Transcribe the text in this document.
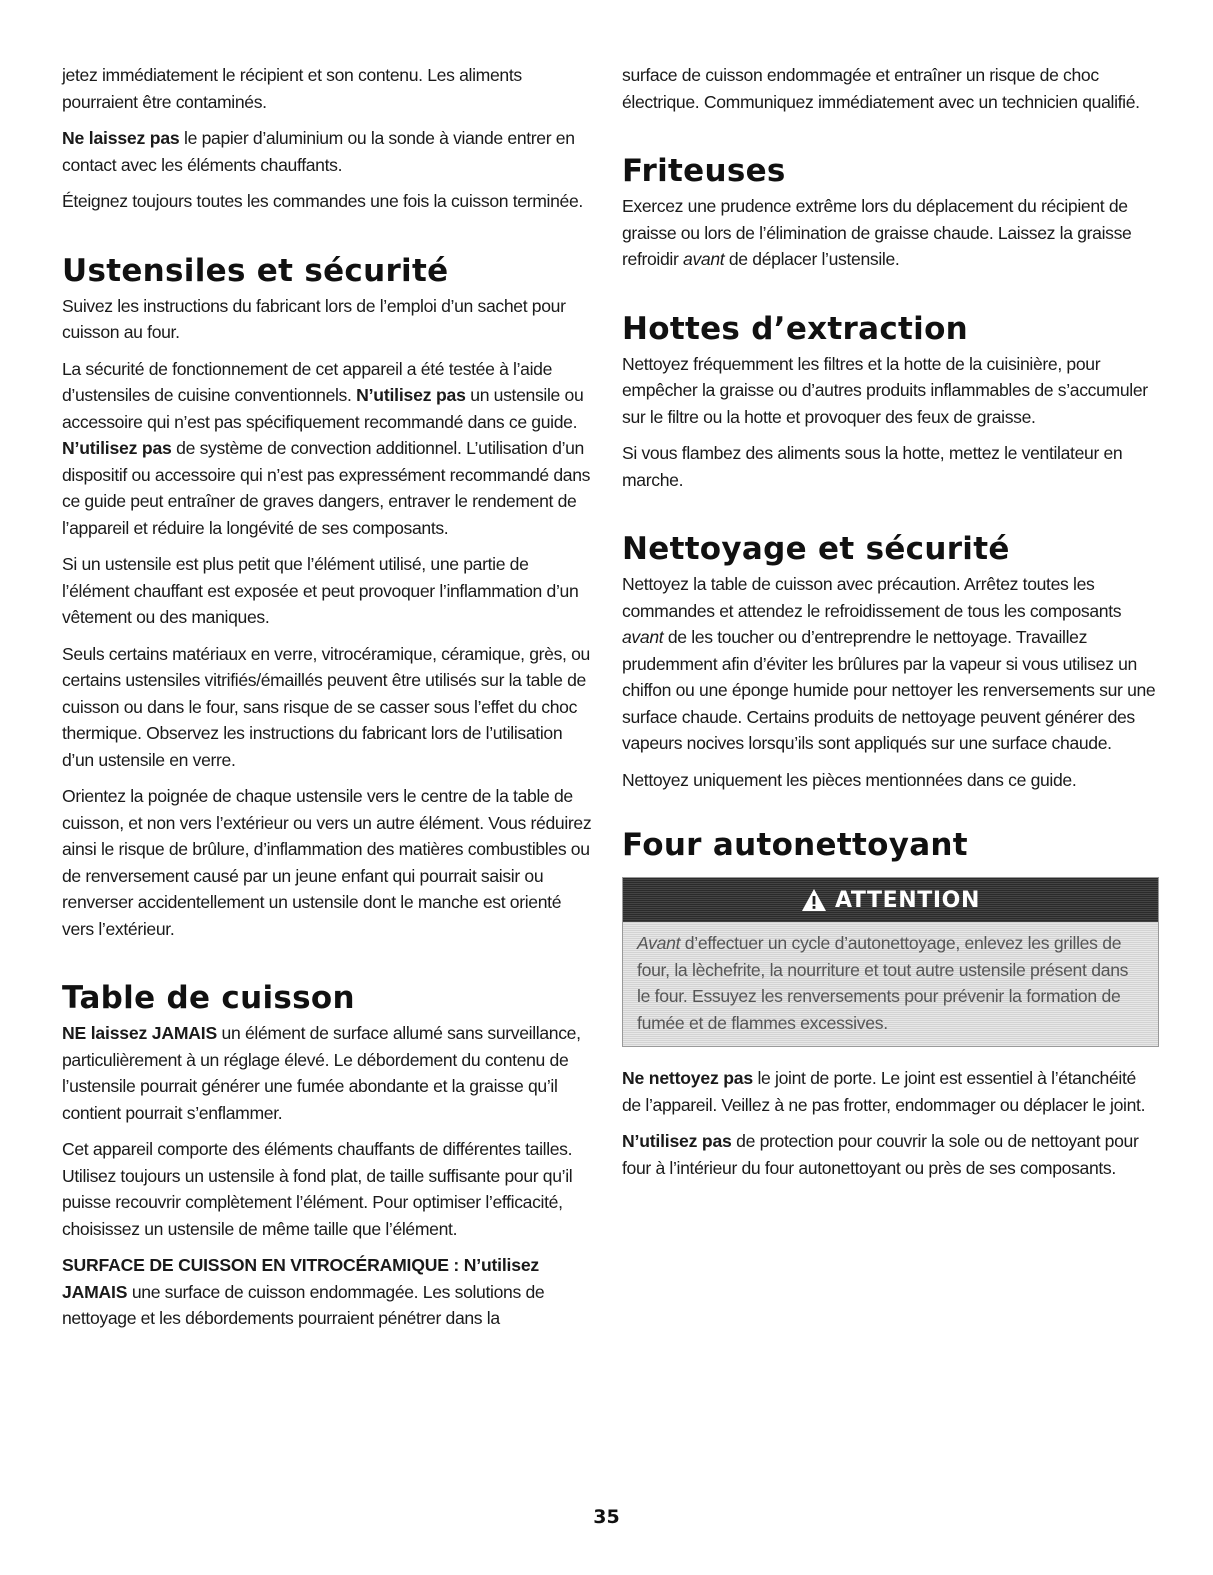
jetez immédiatement le récipient et son contenu. Les aliments pourraient être contaminés.

Ne laissez pas le papier d’aluminium ou la sonde à viande entrer en contact avec les éléments chauffants.

Éteignez toujours toutes les commandes une fois la cuisson terminée.

Ustensiles et sécurité

Suivez les instructions du fabricant lors de l’emploi d’un sachet pour cuisson au four.

La sécurité de fonctionnement de cet appareil a été testée à l’aide d’ustensiles de cuisine conventionnels. N’utilisez pas un ustensile ou accessoire qui n’est pas spécifiquement recommandé dans ce guide. N’utilisez pas de système de convection additionnel. L’utilisation d’un dispositif ou accessoire qui n’est pas expressément recommandé dans ce guide peut entraîner de graves dangers, entraver le rendement de l’appareil et réduire la longévité de ses composants.

Si un ustensile est plus petit que l’élément utilisé, une partie de l’élément chauffant est exposée et peut provoquer l’inflammation d’un vêtement ou des maniques.

Seuls certains matériaux en verre, vitrocéramique, céramique, grès, ou certains ustensiles vitrifiés/émaillés peuvent être utilisés sur la table de cuisson ou dans le four, sans risque de se casser sous l’effet du choc thermique. Observez les instructions du fabricant lors de l’utilisation d’un ustensile en verre.

Orientez la poignée de chaque ustensile vers le centre de la table de cuisson, et non vers l’extérieur ou vers un autre élément. Vous réduirez ainsi le risque de brûlure, d’inflammation des matières combustibles ou de renversement causé par un jeune enfant qui pourrait saisir ou renverser accidentellement un ustensile dont le manche est orienté vers l’extérieur.

Table de cuisson

NE laissez JAMAIS un élément de surface allumé sans surveillance, particulièrement à un réglage élevé. Le débordement du contenu de l’ustensile pourrait générer une fumée abondante et la graisse qu’il contient pourrait s’enflammer.

Cet appareil comporte des éléments chauffants de différentes tailles. Utilisez toujours un ustensile à fond plat, de taille suffisante pour qu’il puisse recouvrir complètement l’élément. Pour optimiser l’efficacité, choisissez un ustensile de même taille que l’élément.

SURFACE DE CUISSON EN VITROCÉRAMIQUE : N’utilisez JAMAIS une surface de cuisson endommagée. Les solutions de nettoyage et les débordements pourraient pénétrer dans la

surface de cuisson endommagée et entraîner un risque de choc électrique. Communiquez immédiatement avec un technicien qualifié.

Friteuses

Exercez une prudence extrême lors du déplacement du récipient de graisse ou lors de l’élimination de graisse chaude. Laissez la graisse refroidir avant de déplacer l’ustensile.

Hottes d’extraction

Nettoyez fréquemment les filtres et la hotte de la cuisinière, pour empêcher la graisse ou d’autres produits inflammables de s’accumuler sur le filtre ou la hotte et provoquer des feux de graisse.

Si vous flambez des aliments sous la hotte, mettez le ventilateur en marche.

Nettoyage et sécurité

Nettoyez la table de cuisson avec précaution. Arrêtez toutes les commandes et attendez le refroidissement de tous les composants avant de les toucher ou d’entreprendre le nettoyage. Travaillez prudemment afin d’éviter les brûlures par la vapeur si vous utilisez un chiffon ou une éponge humide pour nettoyer les renversements sur une surface chaude. Certains produits de nettoyage peuvent générer des vapeurs nocives lorsqu’ils sont appliqués sur une surface chaude.

Nettoyez uniquement les pièces mentionnées dans ce guide.

Four autonettoyant
ATTENTION
Avant d’effectuer un cycle d’autonettoyage, enlevez les grilles de four, la lèchefrite, la nourriture et tout autre ustensile présent dans le four. Essuyez les renversements pour prévenir la formation de fumée et de flammes excessives.

Ne nettoyez pas le joint de porte. Le joint est essentiel à l’étanchéité de l’appareil. Veillez à ne pas frotter, endommager ou déplacer le joint.

N’utilisez pas de protection pour couvrir la sole ou de nettoyant pour four à l’intérieur du four autonettoyant ou près de ses composants.

35
